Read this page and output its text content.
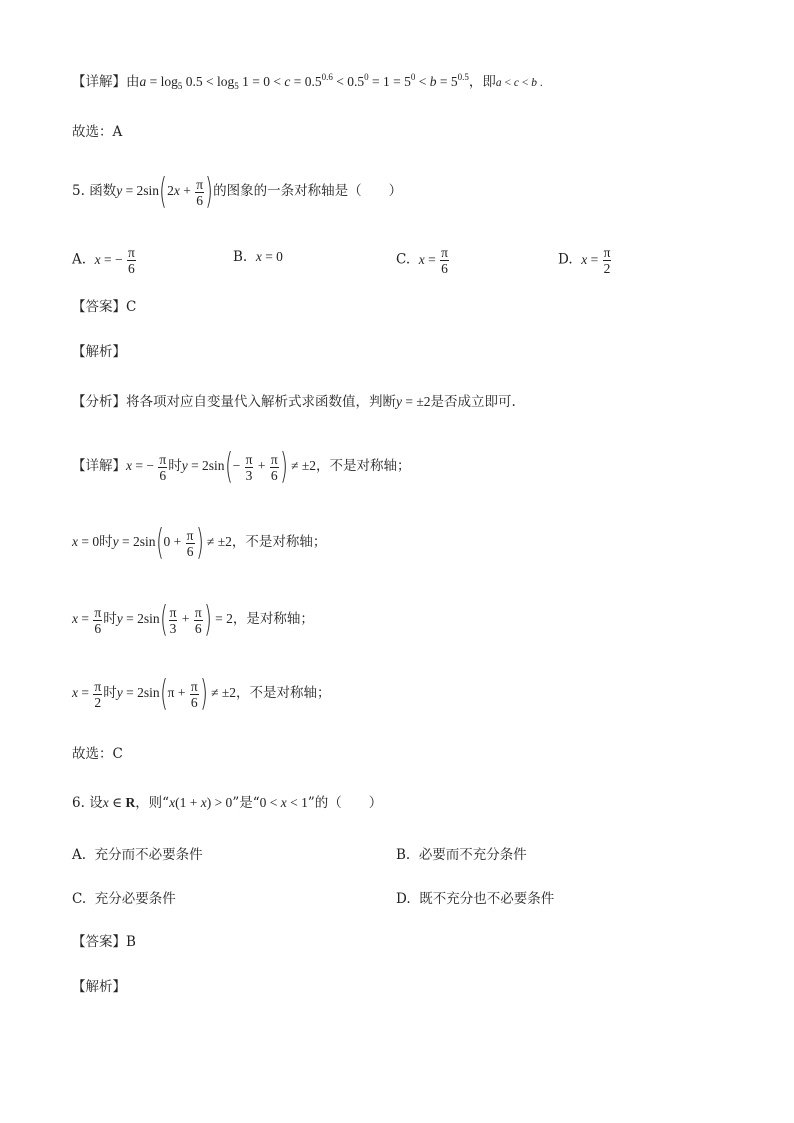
【详解】由$a = \log_5 0.5 < \log_5 1 = 0 < c = 0.5^{0.6} < 0.5^0 = 1 = 5^0 < b = 5^{0.5}$，即a < c < b .
故选：A
5. 函数$y = 2\sin(2x + \frac{\pi}{6}$ )的图象的一条对称轴是（　　）
A. x = − $\frac{\pi}{6}$	B. x = 0	C. $x = \frac{\pi}{6}$	D. $x = \frac{\pi}{2}$
【答案】C
【解析】
【分析】将各项对应自变量代入解析式求函数值，判断y = ±2是否成立即可.
【详解】x = − $\frac{\pi}{6}$ 时$y = 2\sin(- \frac{\pi}{3} + \frac{\pi}{6}$ ) ≠ ±2，不是对称轴；
x = 0时$y = 2\sin(0 + \frac{\pi}{6}$ ) ≠ ±2，不是对称轴；
$x = \frac{\pi}{6}$ 时$y = 2\sin( \frac{\pi}{3} + \frac{\pi}{6}$ ) = 2，是对称轴；
$x = \frac{\pi}{2}$ 时$y = 2\sin(\pi + \frac{\pi}{6}$ ) ≠ ±2，不是对称轴；
故选：C
6. 设x ∈ R，则“x(1 + x) > 0”是“0 < x < 1”的（　　）
A. 充分而不必要条件	B. 必要而不充分条件
C. 充分必要条件	D. 既不充分也不必要条件
【答案】B
【解析】
